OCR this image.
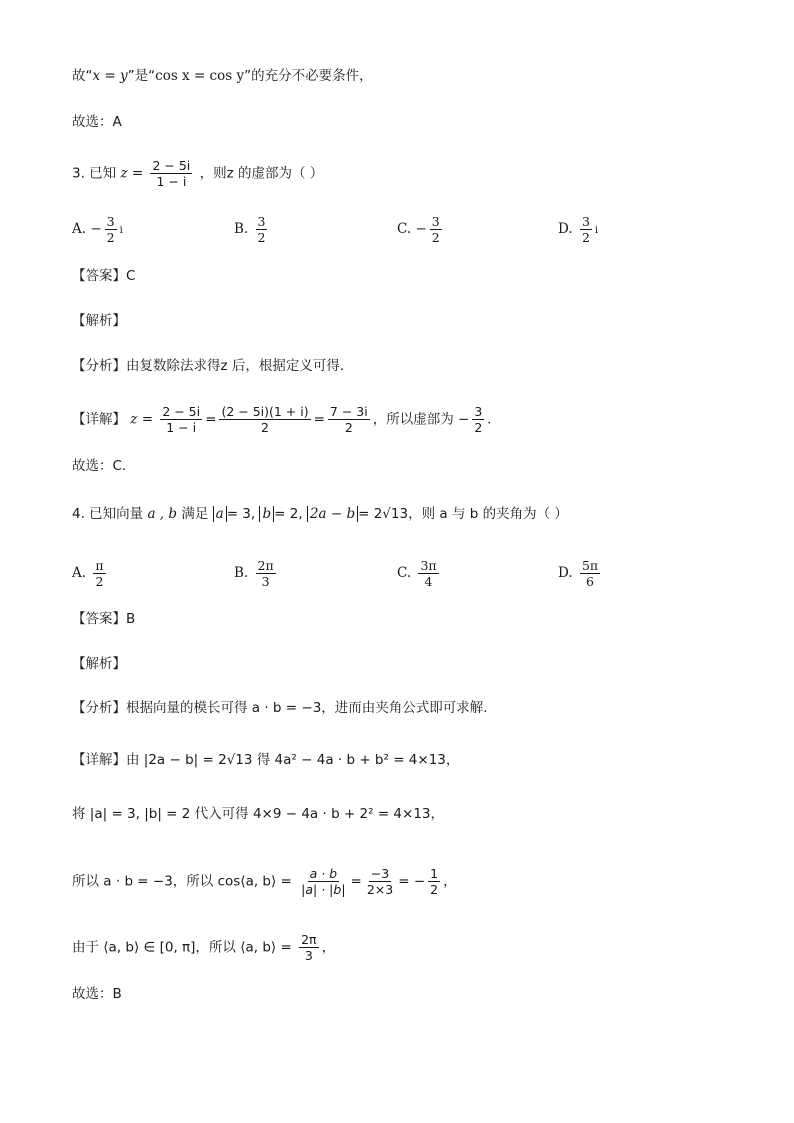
故“x = y”是“cos x = cos y”的充分不必要条件，
故选：A
3. 已知 $z = \frac{2 - 5i}{1 - i}$ ，则z 的虚部为（ ）
A. − $\frac{3}{2}$ i	B. $\frac{3}{2}$	C. − $\frac{3}{2}$	D. $\frac{3}{2}$ i
【答案】C
【解析】
【分析】由复数除法求得z 后，根据定义可得．
【详解】 $z = \frac{2 - 5i}{1 - i} = \frac{(2 - 5i)(1 + i)}{2} = \frac{7 - 3i}{2}$ ，所以虚部为 − $\frac{3}{2}$ ．
故选：C．
4. 已知向量 a , b 满足 a = 3, b = 2, 2a − b = 2√13，则 a 与 b 的夹角为（ ）
A. $\frac{\pi}{2}$	B. $\frac{2\pi}{3}$	C. $\frac{3\pi}{4}$	D. $\frac{5\pi}{6}$
【答案】B
【解析】
【分析】根据向量的模长可得 a · b = −3，进而由夹角公式即可求解．
【详解】由 |2a − b| = 2√13 得 4a² − 4a · b + b² = 4×13，
将 |a| = 3, |b| = 2 代入可得 4×9 − 4a · b + 2² = 4×13，
所以 a · b = −3，所以 cos⟨a, b⟩ = $\frac{a \cdot b}{|a| \cdot |b|} = \frac{-3}{2\times 3}$ = − $\frac{1}{2}$ ，
由于 ⟨a, b⟩ ∈ [0, π]，所以 ⟨a, b⟩ = $\frac{2\pi}{3}$ ，
故选：B
